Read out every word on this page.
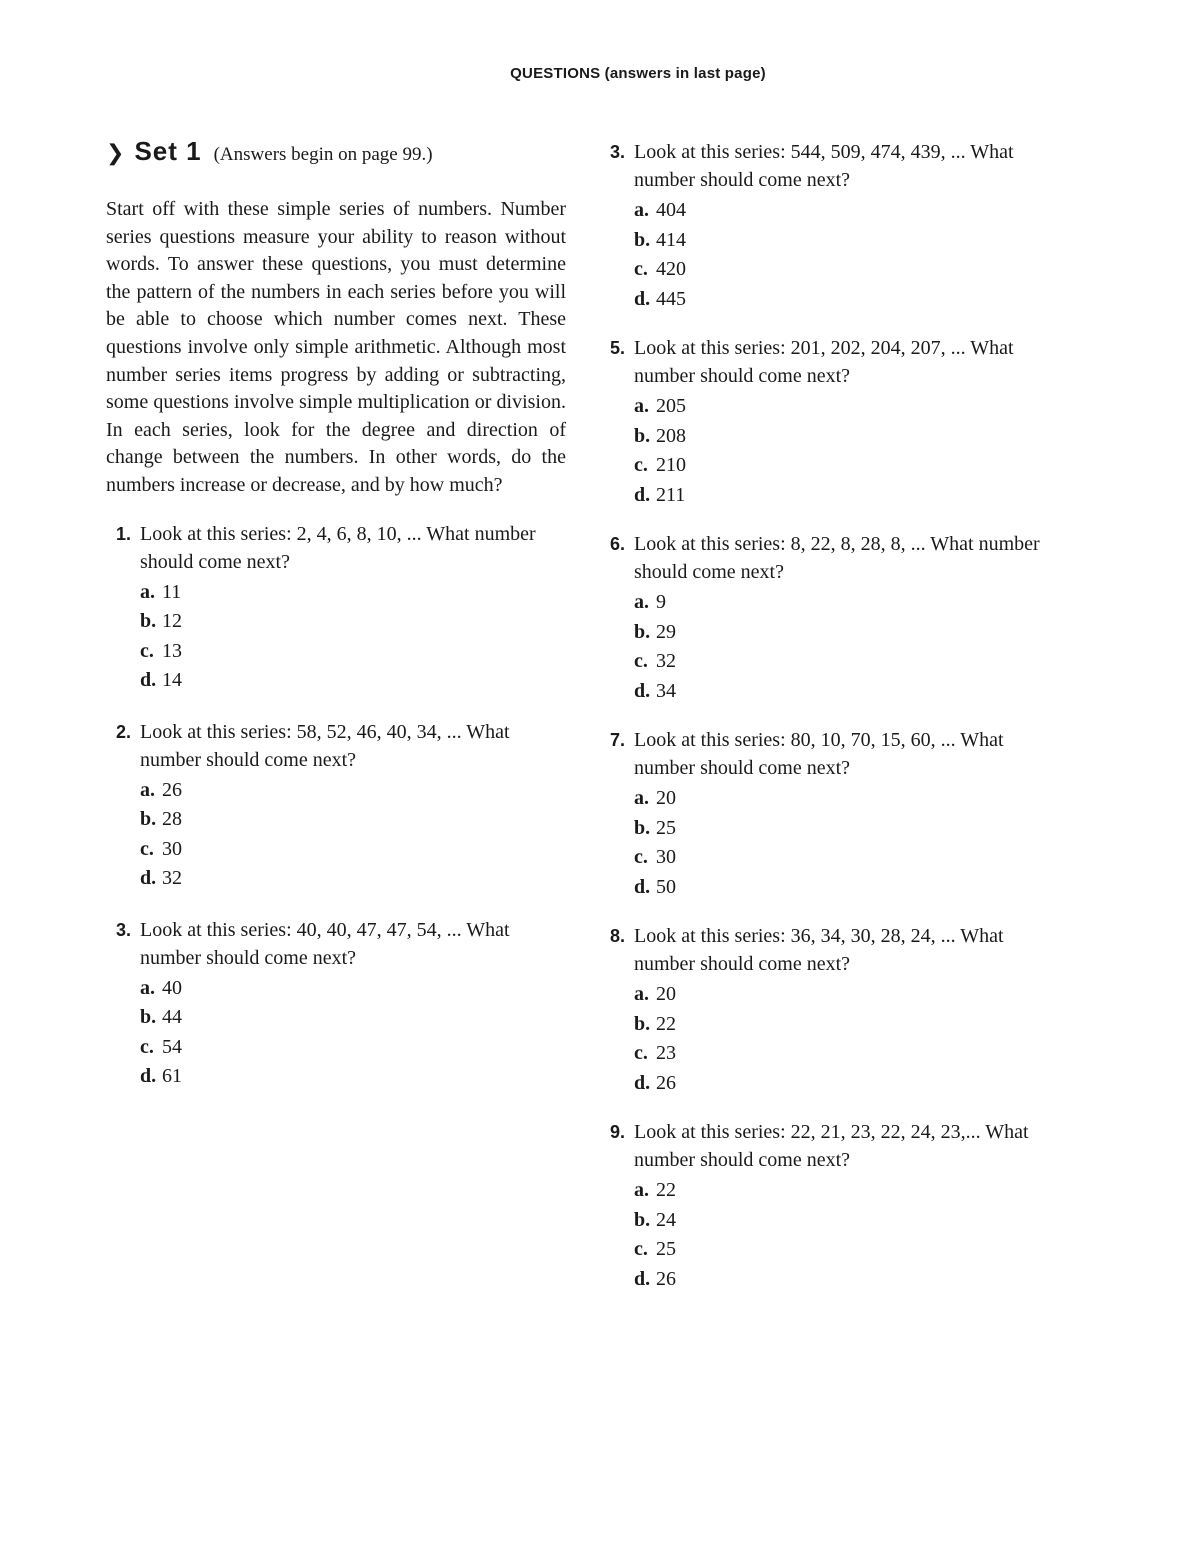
QUESTIONS (answers in last page)
❯ Set 1 (Answers begin on page 99.)

Start off with these simple series of numbers. Number series questions measure your ability to reason without words. To answer these questions, you must determine the pattern of the numbers in each series before you will be able to choose which number comes next. These questions involve only simple arithmetic. Although most number series items progress by adding or subtracting, some questions involve simple multiplication or division. In each series, look for the degree and direction of change between the numbers. In other words, do the numbers increase or decrease, and by how much?

1. Look at this series: 2, 4, 6, 8, 10, ... What number should come next?
a. 11
b. 12
c. 13
d. 14
2. Look at this series: 58, 52, 46, 40, 34, ... What number should come next?
a. 26
b. 28
c. 30
d. 32
3. Look at this series: 40, 40, 47, 47, 54, ... What number should come next?
a. 40
b. 44
c. 54
d. 61
3. Look at this series: 544, 509, 474, 439, ... What number should come next?
a. 404
b. 414
c. 420
d. 445
5. Look at this series: 201, 202, 204, 207, ... What number should come next?
a. 205
b. 208
c. 210
d. 211
6. Look at this series: 8, 22, 8, 28, 8, ... What number should come next?
a. 9
b. 29
c. 32
d. 34
7. Look at this series: 80, 10, 70, 15, 60, ... What number should come next?
a. 20
b. 25
c. 30
d. 50
8. Look at this series: 36, 34, 30, 28, 24, ... What number should come next?
a. 20
b. 22
c. 23
d. 26
9. Look at this series: 22, 21, 23, 22, 24, 23,... What number should come next?
a. 22
b. 24
c. 25
d. 26
